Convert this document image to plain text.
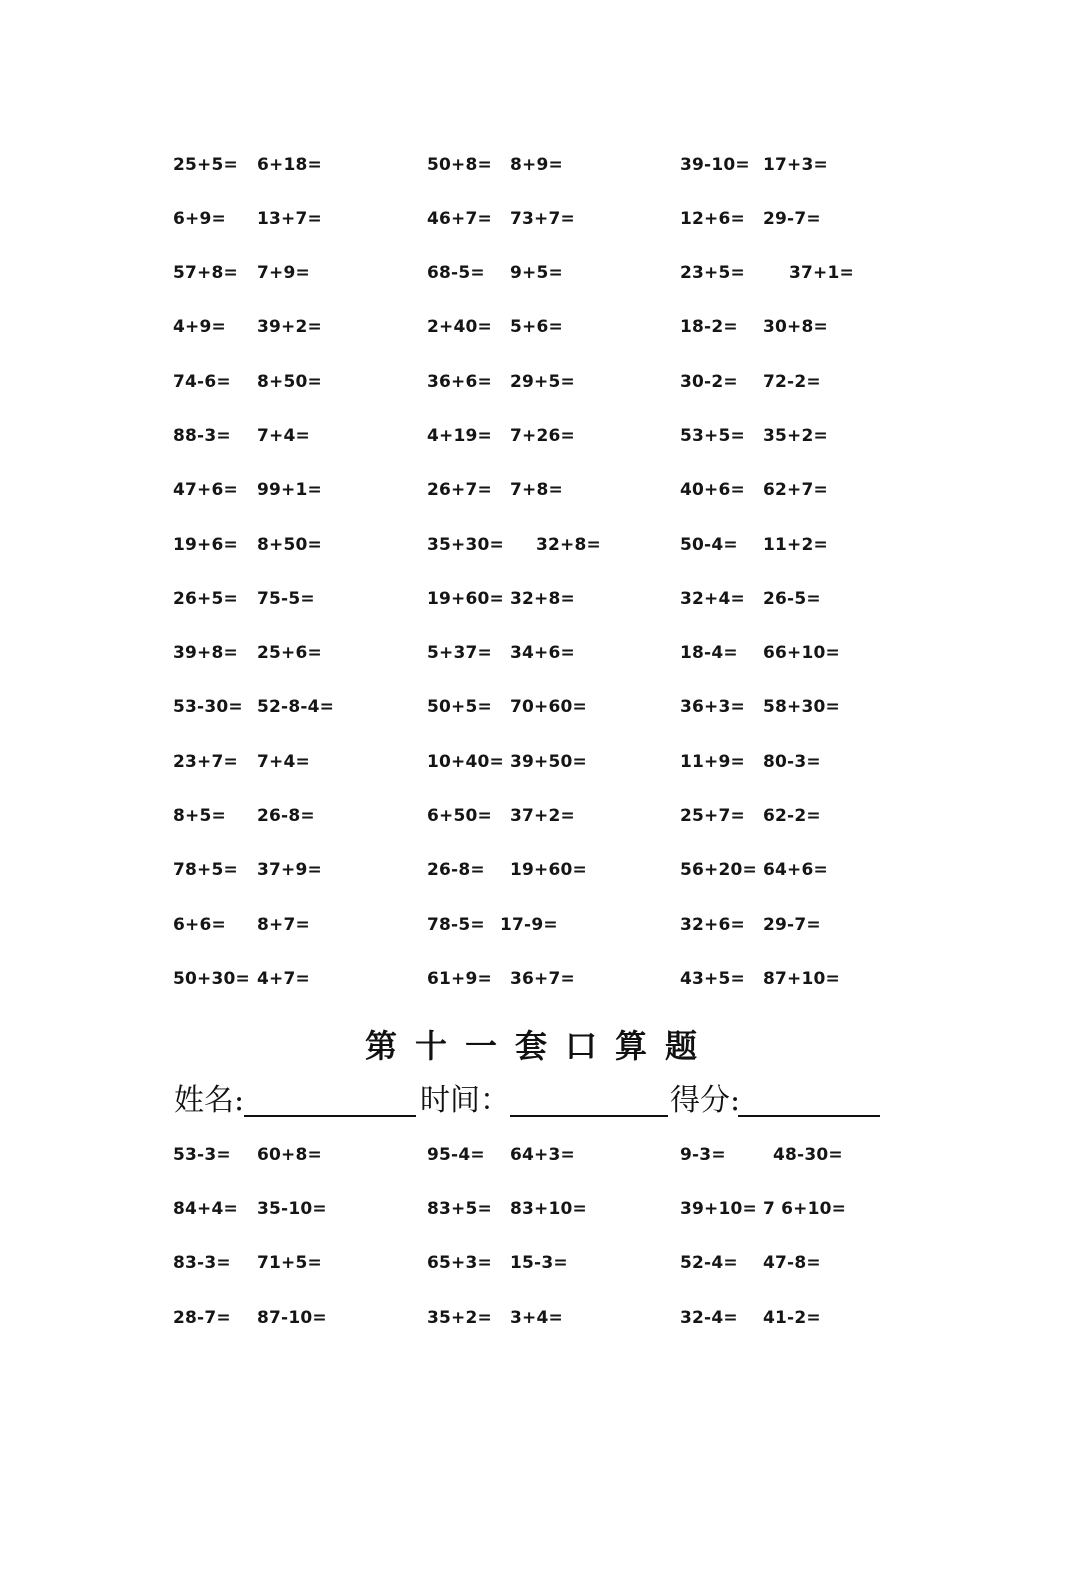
25+5= 6+18=	50+8= 8+9=	39-10= 17+3=
6+9= 13+7=	46+7= 73+7=	12+6= 29-7=
57+8= 7+9=	68-5= 9+5=	23+5=	37+1=
4+9= 39+2=	2+40= 5+6=	18-2= 30+8=
74-6= 8+50=	36+6= 29+5=	30-2= 72-2=
88-3= 7+4=	4+19= 7+26=	53+5= 35+2=
47+6= 99+1=	26+7= 7+8=	40+6= 62+7=
19+6= 8+50=	35+30= 32+8=	50-4= 11+2=
26+5= 75-5=	19+60= 32+8=	32+4= 26-5=
39+8= 25+6=	5+37= 34+6=	18-4= 66+10=
53-30= 52-8-4=	50+5= 70+60=	36+3= 58+30=
23+7= 7+4=	10+40= 39+50=	11+9= 80-3=
8+5= 26-8=	6+50= 37+2=	25+7= 62-2=
78+5= 37+9=	26-8= 19+60=	56+20= 64+6=
6+6= 8+7=	78-5= 17-9=	32+6= 29-7=
50+30= 4+7=	61+9= 36+7=	43+5= 87+10=
第十一套口算题
姓名:	时间：	得分:
53-3= 60+8=	95-4= 64+3=	9-3=	48-30=
84+4= 35-10=	83+5= 83+10=	39+10= 7 6+10=
83-3= 71+5=	65+3= 15-3=	52-4= 47-8=
28-7= 87-10=	35+2= 3+4=	32-4= 41-2=
